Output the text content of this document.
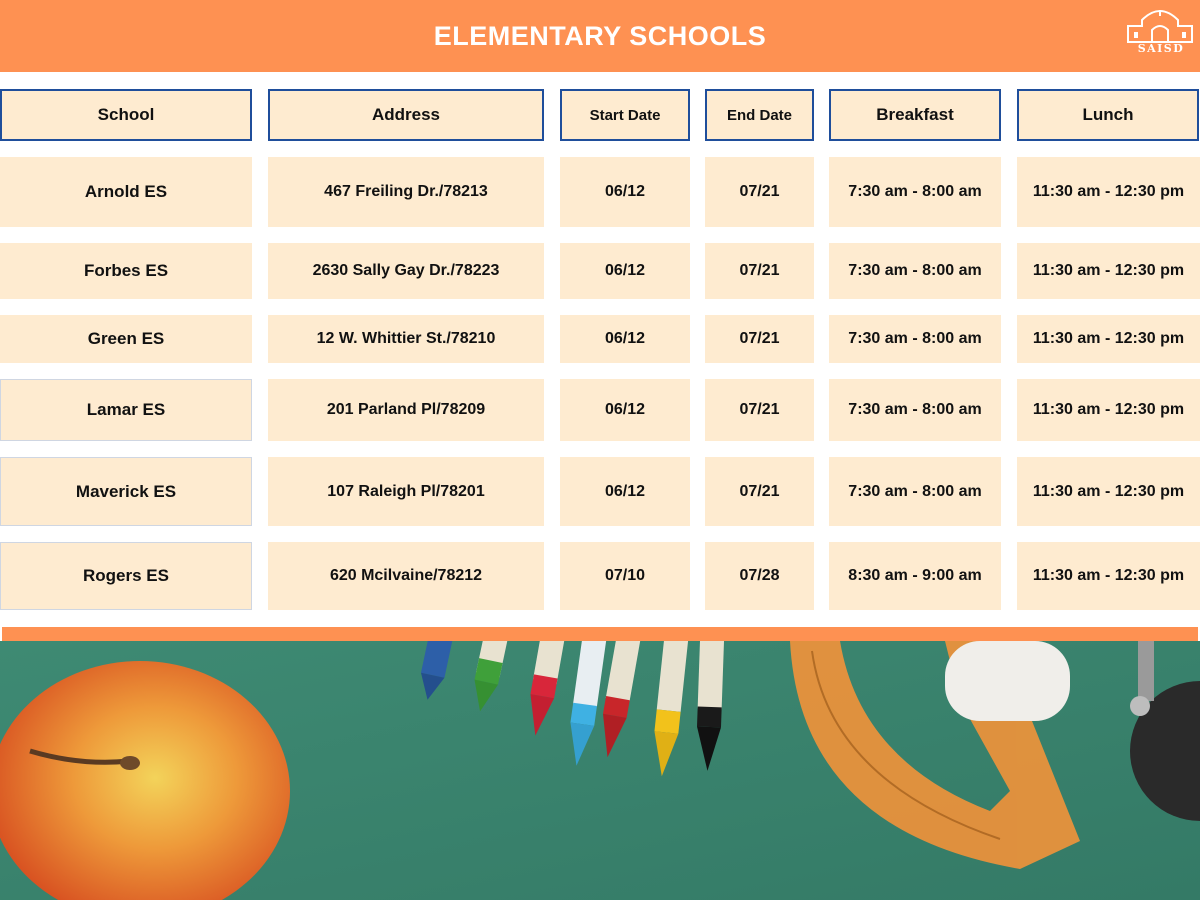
ELEMENTARY SCHOOLS	SAISD
School	Address	Start Date	End Date	Breakfast	Lunch
Arnold ES	467 Freiling Dr./78213	06/12	07/21	7:30 am - 8:00 am	11:30 am - 12:30 pm
Forbes ES	2630 Sally Gay Dr./78223	06/12	07/21	7:30 am - 8:00 am	11:30 am - 12:30 pm
Green ES	12 W. Whittier St./78210	06/12	07/21	7:30 am - 8:00 am	11:30 am - 12:30 pm
Lamar ES	201 Parland Pl/78209	06/12	07/21	7:30 am - 8:00 am	11:30 am - 12:30 pm
Maverick ES	107 Raleigh Pl/78201	06/12	07/21	7:30 am - 8:00 am	11:30 am - 12:30 pm
Rogers ES	620 Mcilvaine/78212	07/10	07/28	8:30 am - 9:00 am	11:30 am - 12:30 pm
